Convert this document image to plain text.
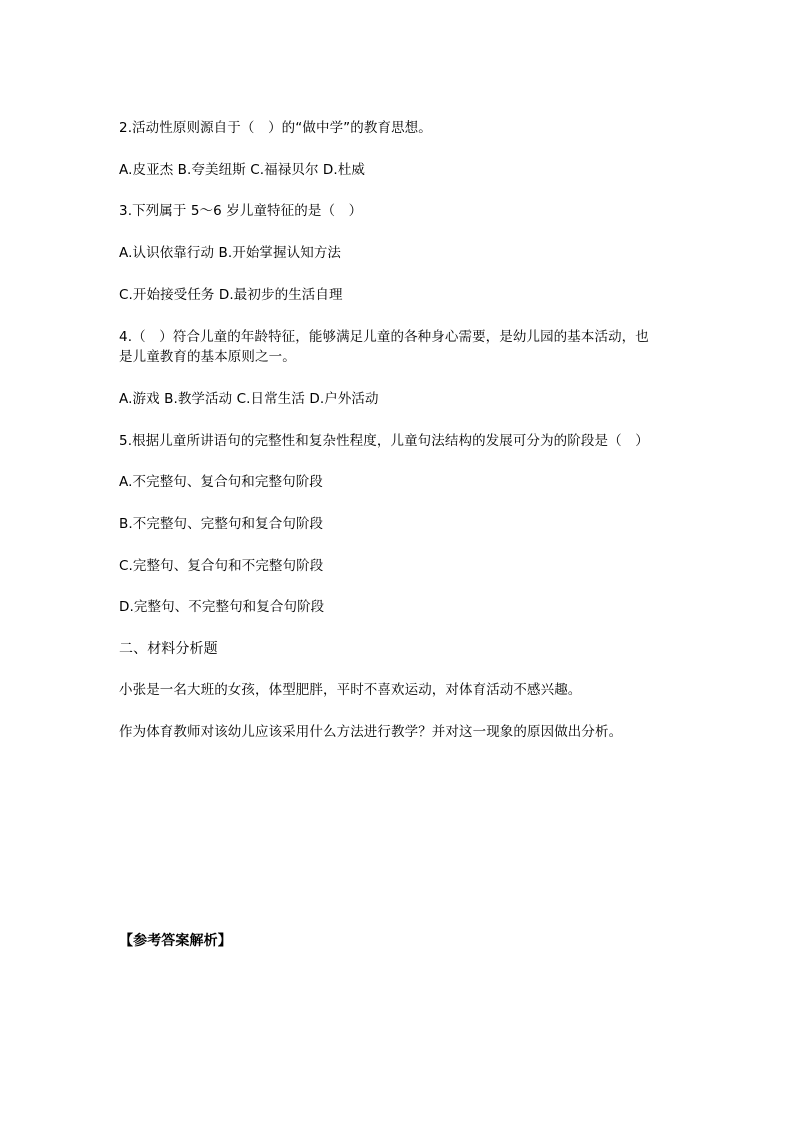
2.活动性原则源自于（　）的“做中学”的教育思想。
A.皮亚杰 B.夸美纽斯 C.福禄贝尔 D.杜威
3.下列属于 5～6 岁儿童特征的是（　）
A.认识依靠行动 B.开始掌握认知方法
C.开始接受任务 D.最初步的生活自理
4.（　）符合儿童的年龄特征，能够满足儿童的各种身心需要，是幼儿园的基本活动，也
是儿童教育的基本原则之一。
A.游戏 B.教学活动 C.日常生活 D.户外活动
5.根据儿童所讲语句的完整性和复杂性程度，儿童句法结构的发展可分为的阶段是（　）
A.不完整句、复合句和完整句阶段
B.不完整句、完整句和复合句阶段
C.完整句、复合句和不完整句阶段
D.完整句、不完整句和复合句阶段
二、材料分析题
小张是一名大班的女孩，体型肥胖，平时不喜欢运动，对体育活动不感兴趣。
作为体育教师对该幼儿应该采用什么方法进行教学？并对这一现象的原因做出分析。
【参考答案解析】
